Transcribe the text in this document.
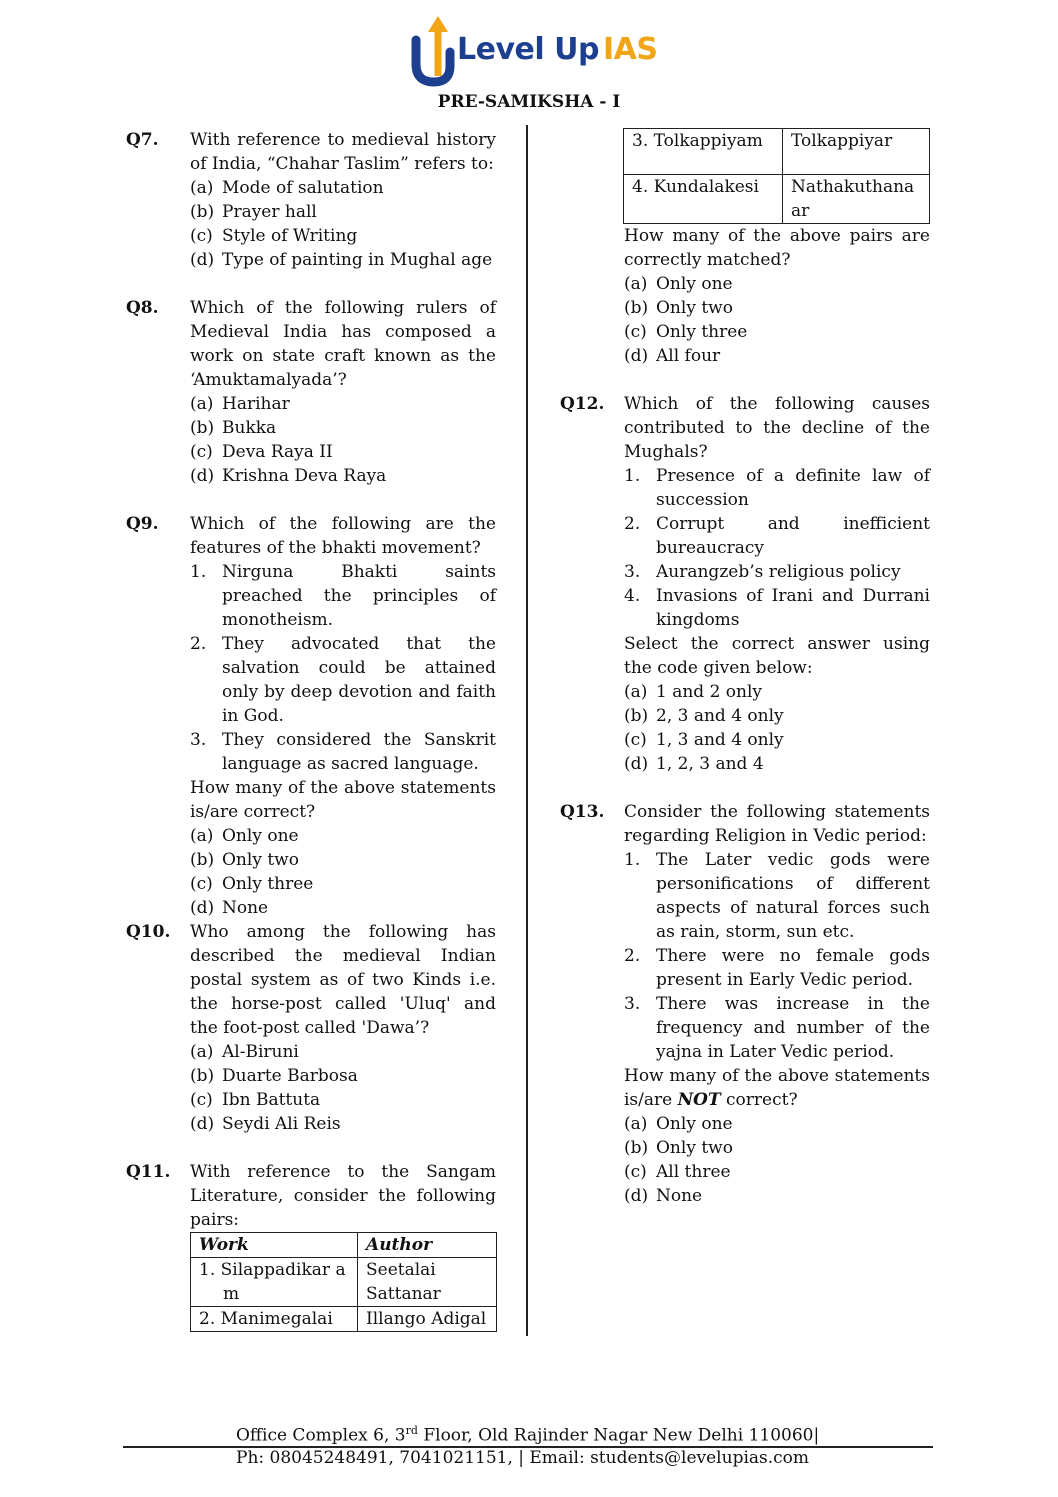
Level Up IAS
PRE-SAMIKSHA - I
Q7. With reference to medieval history
of India, “Chahar Taslim” refers to:
(a) Mode of salutation
(b) Prayer hall
(c) Style of Writing
(d) Type of painting in Mughal age
Q8. Which of the following rulers of Medieval India has composed a work on state craft known as the ‘Amuktamalyada’?
(a) Harihar
(b) Bukka
(c) Deva Raya II
(d) Krishna Deva Raya
Q9. Which of the following are the features of the bhakti movement?
1. Nirguna Bhakti saints preached the principles of monotheism.
2. They advocated that the salvation could be attained only by deep devotion and faith in God.
3. They considered the Sanskrit language as sacred language.
How many of the above statements is/are correct?
(a) Only one
(b) Only two
(c) Only three
(d) None
Q10. Who among the following has described the medieval Indian postal system as of two Kinds i.e. the horse-post called 'Uluq' and the foot-post called 'Dawa’?
(a) Al-Biruni
(b) Duarte Barbosa
(c) Ibn Battuta
(d) Seydi Ali Reis
Q11. With reference to the Sangam Literature, consider the following pairs:
Work	Author

1. Silappadikar am	Seetalai Sattanar

2. Manimegalai	Illango Adigal
3. Tolkappiyam	Tolkappiyar
4. Kundalakesi	Nathakuthana ar
How many of the above pairs are correctly matched?
(a) Only one
(b) Only two
(c) Only three
(d) All four
Q12. Which of the following causes contributed to the decline of the Mughals?
1. Presence of a definite law of succession
2. Corrupt and inefficient bureaucracy
3. Aurangzeb’s religious policy
4. Invasions of Irani and Durrani kingdoms
Select the correct answer using the code given below:
(a) 1 and 2 only
(b) 2, 3 and 4 only
(c) 1, 3 and 4 only
(d) 1, 2, 3 and 4
Q13. Consider the following statements regarding Religion in Vedic period:
1. The Later vedic gods were personifications of different aspects of natural forces such as rain, storm, sun etc.
2. There were no female gods present in Early Vedic period.
3. There was increase in the frequency and number of the yajna in Later Vedic period.
How many of the above statements is/are NOT correct?
(a) Only one
(b) Only two
(c) All three
(d) None
Office Complex 6, 3rd Floor, Old Rajinder Nagar New Delhi 110060|
Ph: 08045248491, 7041021151, | Email: students@levelupias.com
